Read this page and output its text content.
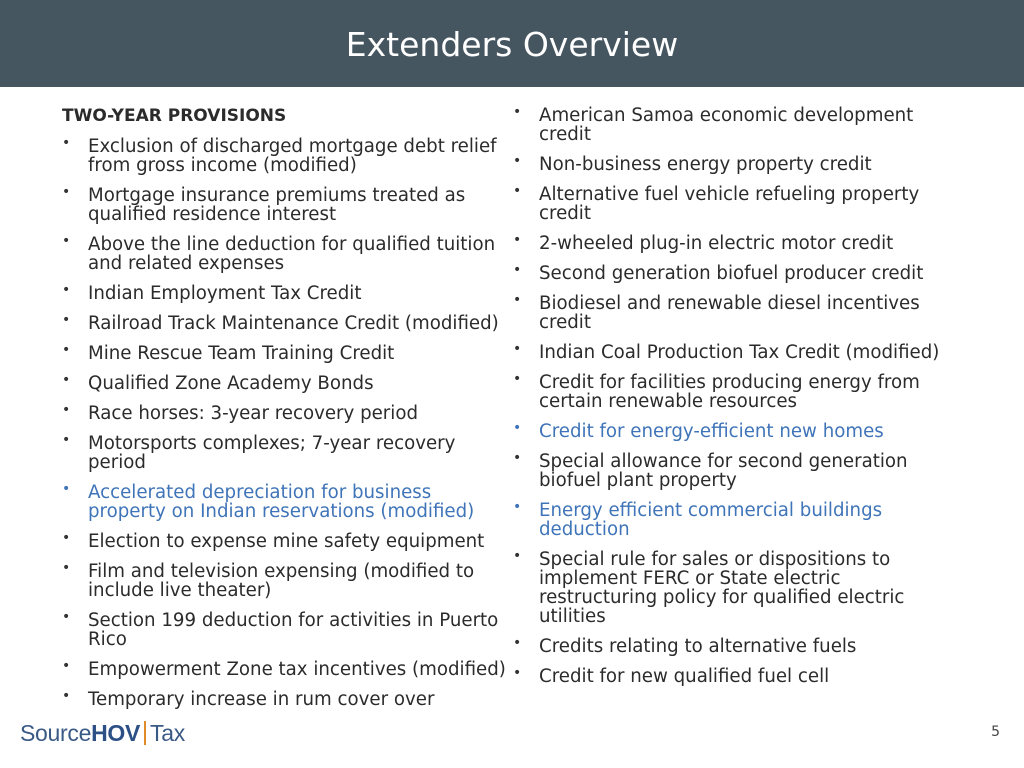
Extenders Overview
TWO-YEAR PROVISIONS
• Exclusion of discharged mortgage debt relief from gross income (modified)
• Mortgage insurance premiums treated as qualified residence interest
• Above the line deduction for qualified tuition and related expenses
• Indian Employment Tax Credit
• Railroad Track Maintenance Credit (modified)
• Mine Rescue Team Training Credit
• Qualified Zone Academy Bonds
• Race horses: 3-year recovery period
• Motorsports complexes; 7-year recovery period
• Accelerated depreciation for business property on Indian reservations (modified)
• Election to expense mine safety equipment
• Film and television expensing (modified to include live theater)
• Section 199 deduction for activities in Puerto Rico
• Empowerment Zone tax incentives (modified)
• Temporary increase in rum cover over
• American Samoa economic development credit
• Non-business energy property credit
• Alternative fuel vehicle refueling property credit
• 2-wheeled plug-in electric motor credit
• Second generation biofuel producer credit
• Biodiesel and renewable diesel incentives credit
• Indian Coal Production Tax Credit (modified)
• Credit for facilities producing energy from certain renewable resources
• Credit for energy-efficient new homes
• Special allowance for second generation biofuel plant property
• Energy efficient commercial buildings deduction
• Special rule for sales or dispositions to implement FERC or State electric restructuring policy for qualified electric utilities
• Credits relating to alternative fuels
• Credit for new qualified fuel cell
Source HOV Tax	5
